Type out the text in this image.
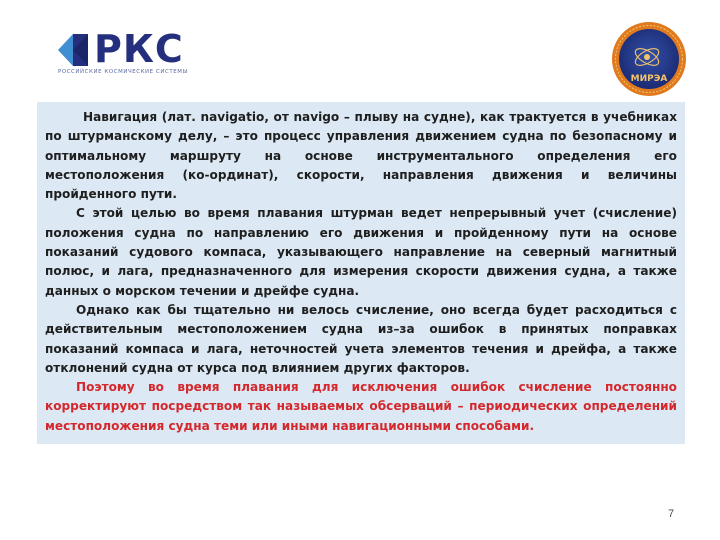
РКС
РОССИЙСКИЕ КОСМИЧЕСКИЕ СИСТЕМЫ
МИРЭА

Навигация (лат. navigatio, от navigo – плыву на судне), как трактуется в учебниках по штурманскому делу, – это процесс управления движением судна по безопасному и оптимальному маршруту на основе инструментального определения его местоположения (ко-ординат), скорости, направления движения и величины пройденного пути.

С этой целью во время плавания штурман ведет непрерывный учет (счисление) положения судна по направлению его движения и пройденному пути на основе показаний судового компаса, указывающего направление на северный магнитный полюс, и лага, предназначенного для измерения скорости движения судна, а также данных о морском течении и дрейфе судна.

Однако как бы тщательно ни велось счисление, оно всегда будет расходиться с действительным местоположением судна из–за ошибок в принятых поправках показаний компаса и лага, неточностей учета элементов течения и дрейфа, а также отклонений судна от курса под влиянием других факторов.

Поэтому во время плавания для исключения ошибок счисление постоянно корректируют посредством так называемых обсерваций – периодических определений местоположения судна теми или иными навигационными способами.

7
